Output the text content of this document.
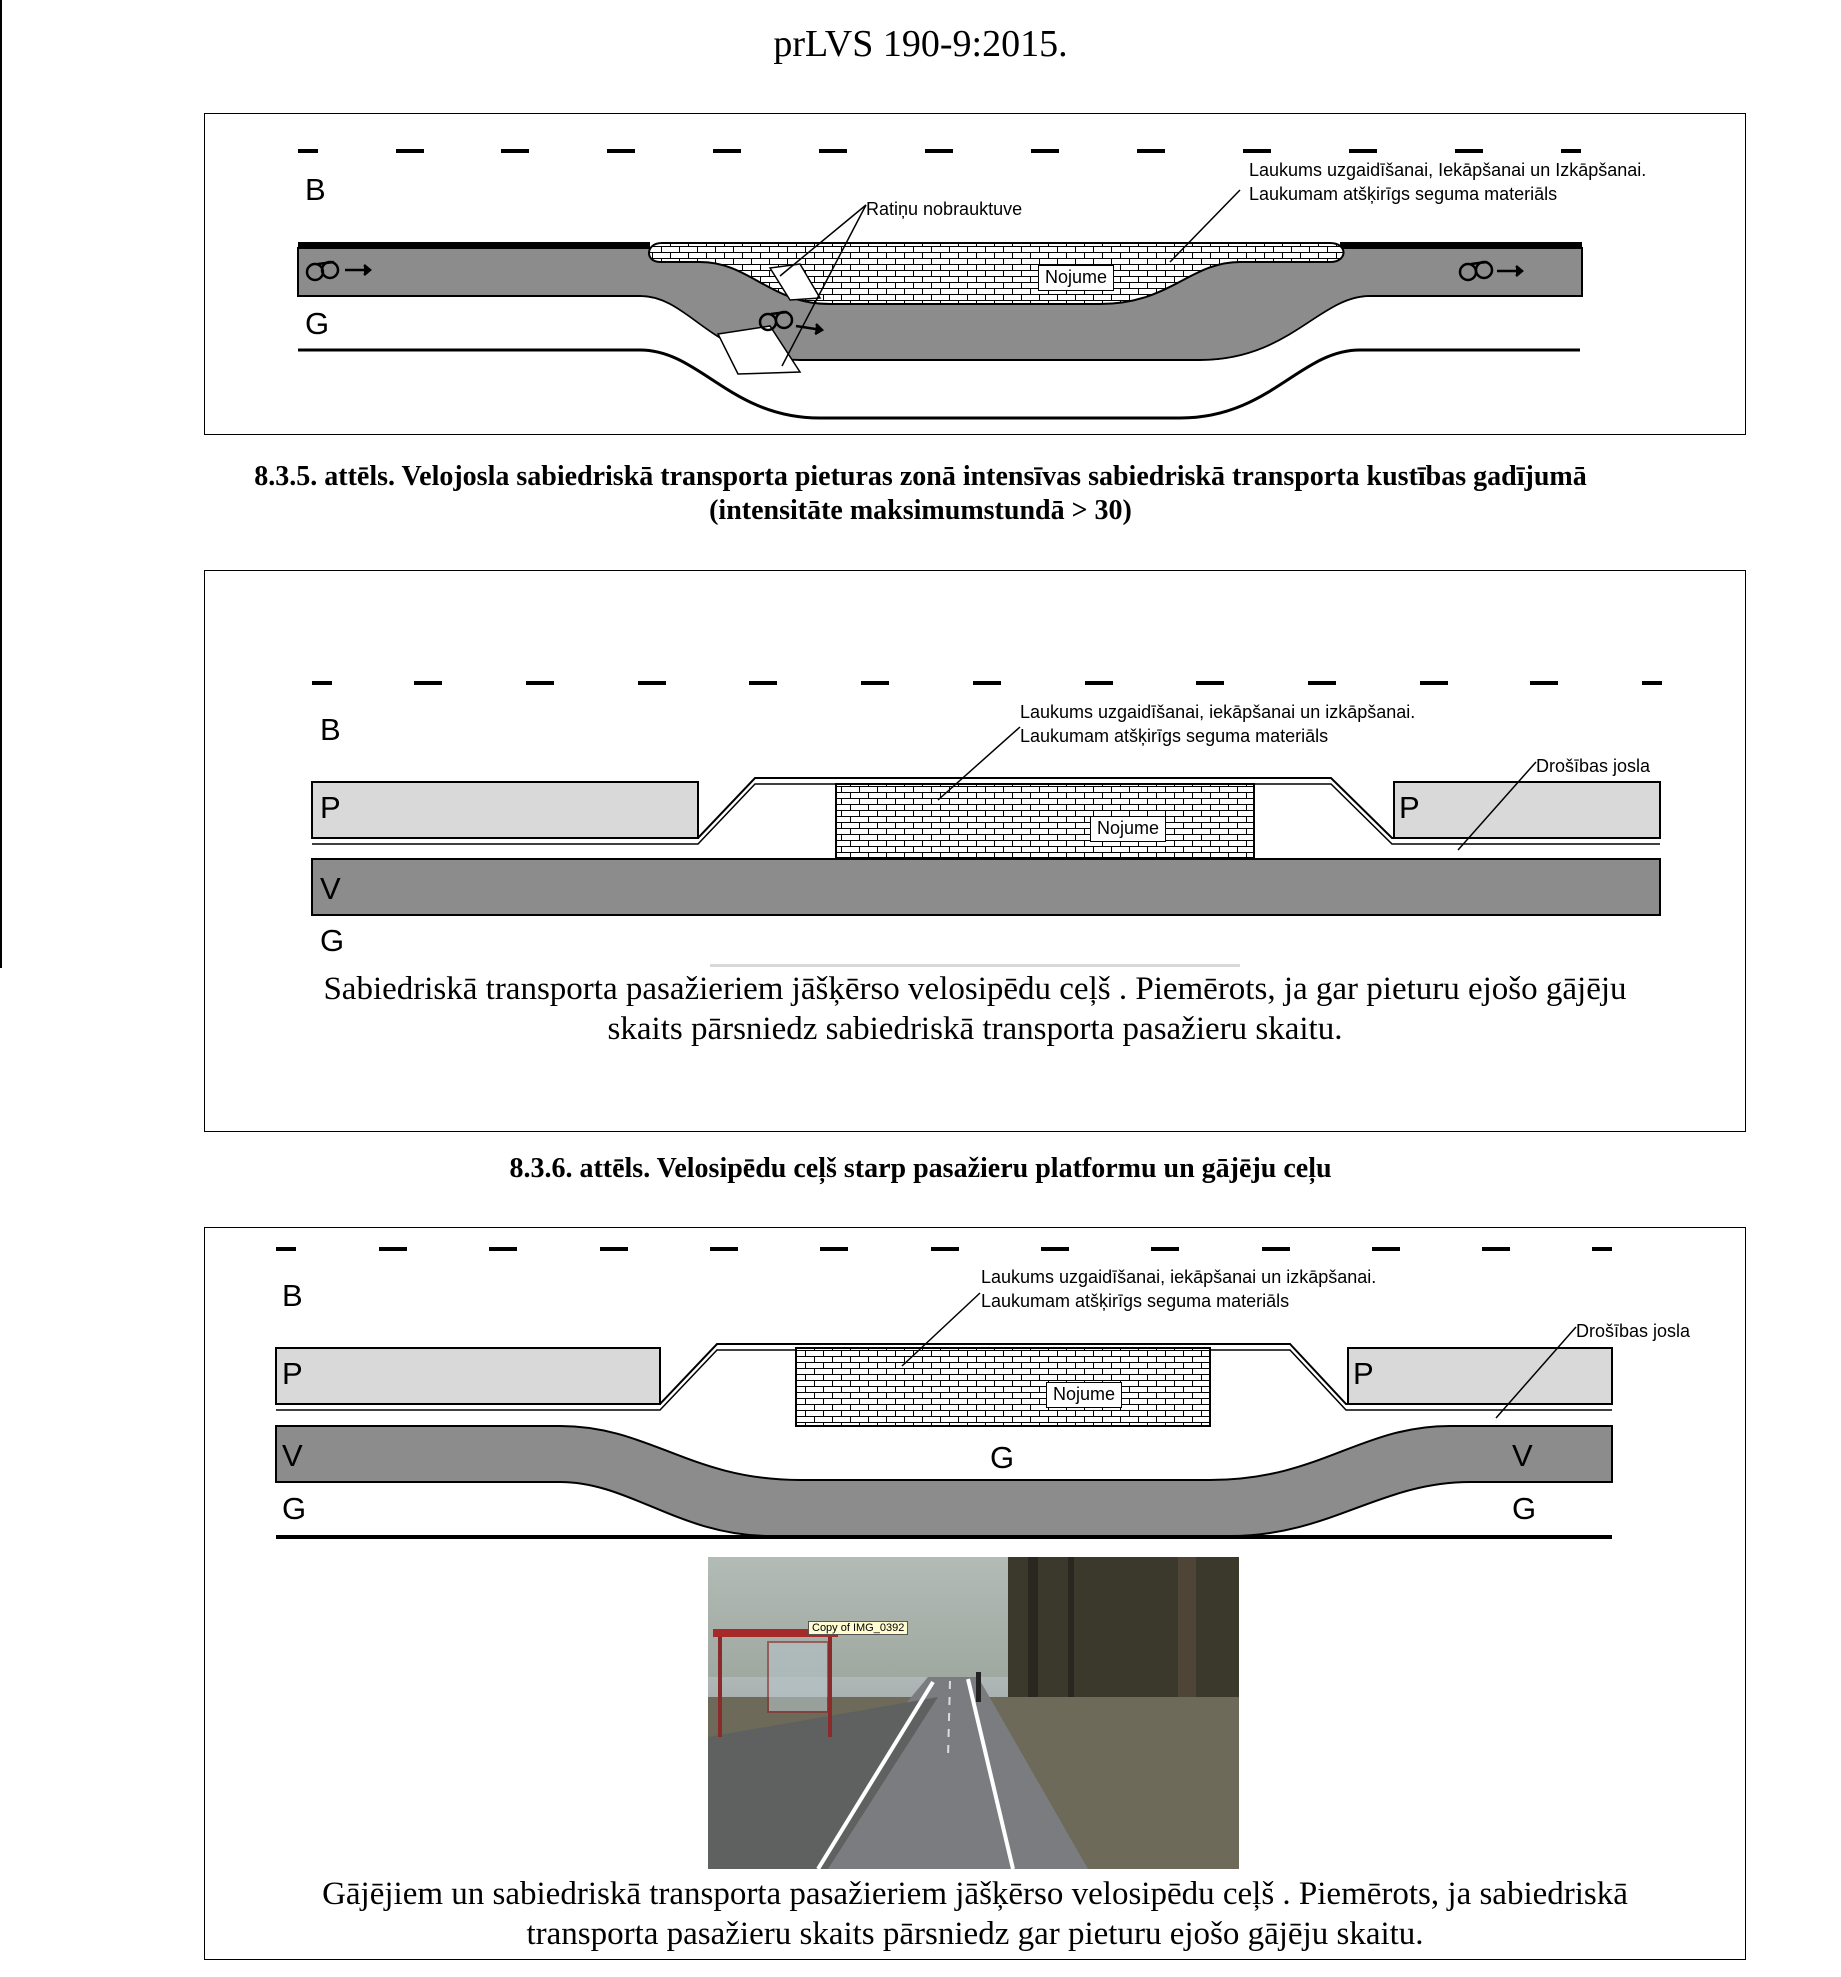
prLVS 190-9:2015.
B
G
Ratiņu nobrauktuve
Laukums uzgaidīšanai, Iekāpšanai un Izkāpšanai.
Laukumam atšķirīgs seguma materiāls
Nojume
8.3.5. attēls. Velojosla sabiedriskā transporta pieturas zonā intensīvas sabiedriskā transporta kustības gadījumā
(intensitāte maksimumstundā > 30)
B
P	P
V
G
Laukums uzgaidīšanai, iekāpšanai un izkāpšanai.
Laukumam atšķirīgs seguma materiāls
Drošības josla
Nojume
Sabiedriskā transporta pasažieriem jāšķērso velosipēdu ceļš . Piemērots, ja gar pieturu ejošo gājēju
skaits pārsniedz sabiedriskā transporta pasažieru skaitu.
8.3.6. attēls. Velosipēdu ceļš starp pasažieru platformu un gājēju ceļu
B
P	P
V	V
G
G	G
Laukums uzgaidīšanai, iekāpšanai un izkāpšanai.
Laukumam atšķirīgs seguma materiāls
Drošības josla
Nojume
Copy of IMG_0392
Gājējiem un sabiedriskā transporta pasažieriem jāšķērso velosipēdu ceļš . Piemērots, ja sabiedriskā
transporta pasažieru skaits pārsniedz gar pieturu ejošo gājēju skaitu.
